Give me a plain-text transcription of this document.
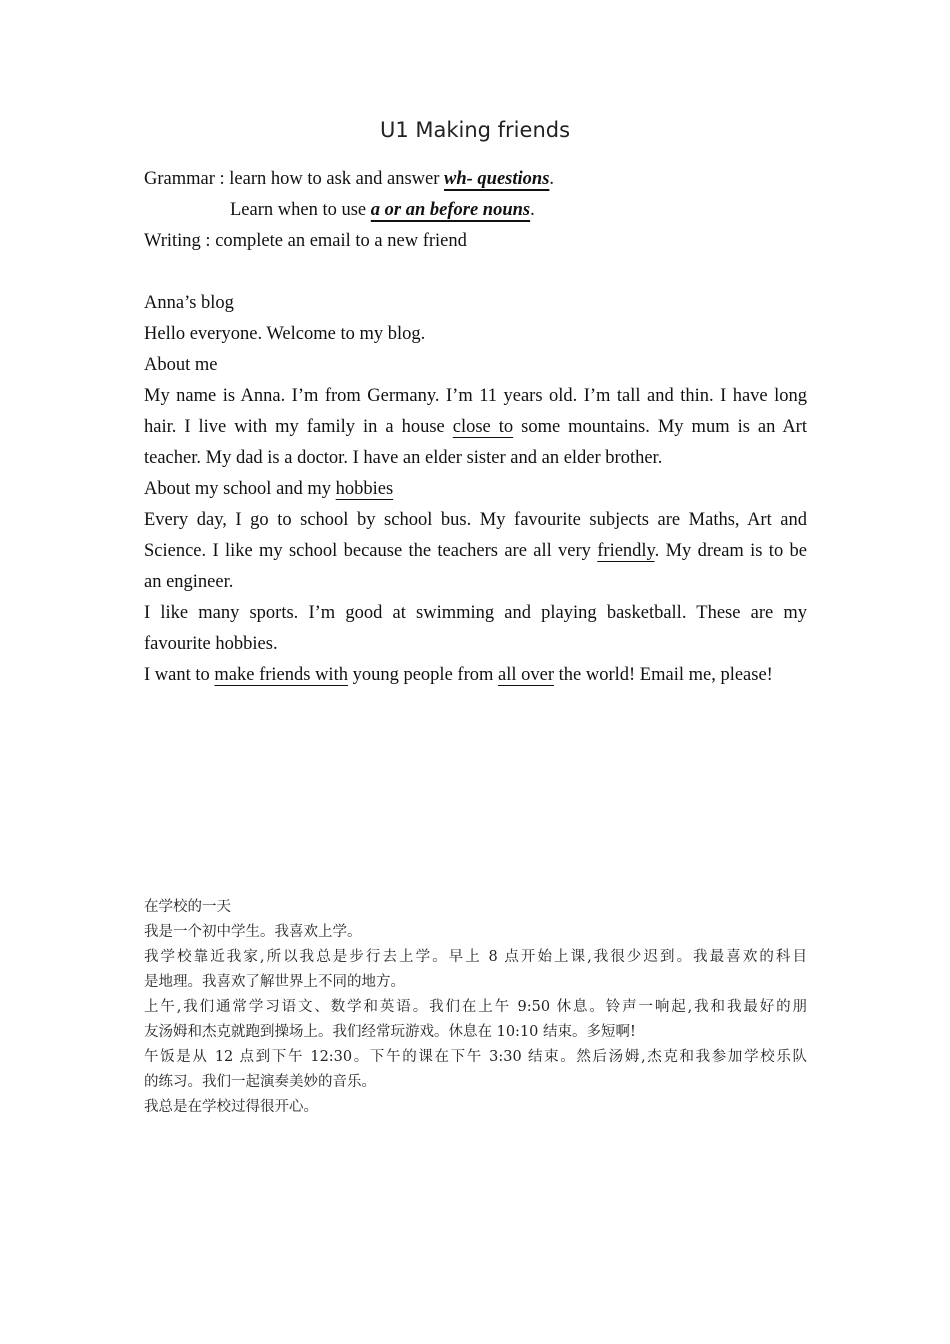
U1 Making friends
Grammar : learn how to ask and answer wh- questions.
Learn when to use a or an before nouns.
Writing : complete an email to a new friend
Anna’s blog
Hello everyone. Welcome to my blog.
About me
My name is Anna. I’m from Germany. I’m 11 years old. I’m tall and thin. I have long
hair. I live with my family in a house close to some mountains. My mum is an Art
teacher. My dad is a doctor. I have an elder sister and an elder brother.
About my school and my hobbies
Every day, I go to school by school bus. My favourite subjects are Maths, Art and
Science. I like my school because the teachers are all very friendly. My dream is to be
an engineer.
I like many sports. I’m good at swimming and playing basketball. These are my
favourite hobbies.
I want to make friends with young people from all over the world! Email me, please!
在学校的一天
我是一个初中学生。我喜欢上学。
我学校靠近我家,所以我总是步行去上学。早上 8 点开始上课,我很少迟到。我最喜欢的科目
是地理。我喜欢了解世界上不同的地方。
上午,我们通常学习语文、数学和英语。我们在上午 9:50 休息。铃声一响起,我和我最好的朋
友汤姆和杰克就跑到操场上。我们经常玩游戏。休息在 10:10 结束。多短啊!
午饭是从 12 点到下午 12:30。下午的课在下午 3:30 结束。然后汤姆,杰克和我参加学校乐队
的练习。我们一起演奏美妙的音乐。
我总是在学校过得很开心。
